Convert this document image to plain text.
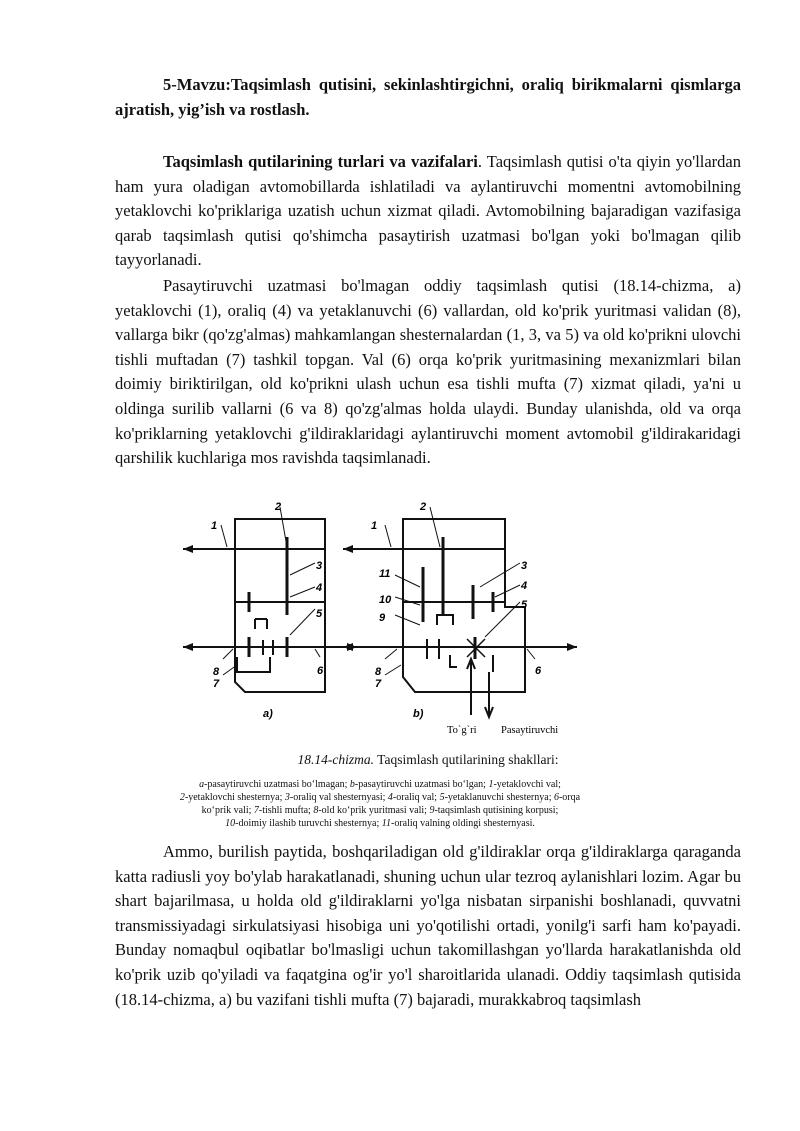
5-Mavzu:Taqsimlash qutisini, sekinlashtirgichni, oraliq birikmalarni qismlarga ajratish, yig’ish va rostlash.

Taqsimlash qutilarining turlari va vazifalari. Taqsimlash qutisi o'ta qiyin yo'llardan ham yura oladigan avtomobillarda ishlatiladi va aylantiruvchi momentni avtomobilning yetaklovchi ko'priklariga uzatish uchun xizmat qiladi. Avtomobilning bajaradigan vazifasiga qarab taqsimlash qutisi qo'shimcha pasaytirish uzatmasi bo'lgan yoki bo'lmagan qilib tayyorlanadi.

Pasaytiruvchi uzatmasi bo'lmagan oddiy taqsimlash qutisi (18.14-chizma, a) yetaklovchi (1), oraliq (4) va yetaklanuvchi (6) vallardan, old ko'prik yuritmasi validan (8), vallarga bikr (qo'zg'almas) mahkamlangan shesternalardan (1, 3, va 5) va old ko'prikni ulovchi tishli muftadan (7) tashkil topgan. Val (6) orqa ko'prik yuritmasining mexanizmlari bilan doimiy biriktirilgan, old ko'prikni ulash uchun esa tishli mufta (7) xizmat qiladi, ya'ni u oldinga surilib vallarni (6 va 8) qo'zg'almas holda ulaydi. Bunday ulanishda, old va orqa ko'priklarning yetaklovchi g'ildiraklaridagi aylantiruvchi moment avtomobil g'ildirakaridagi qarshilik kuchlariga mos ravishda taqsimlanadi.

1
2
3
4
5
6
7
8
1
2
11
10
9
3
4
5
6
7
8
a)	b)
To`g`ri Pasaytiruvchi
18.14-chizma. Taqsimlash qutilarining shakllari:
a-pasaytiruvchi uzatmasi bo‘lmagan; b-pasaytiruvchi uzatmasi bo‘lgan; 1-yetaklovchi val;
2-yetaklovchi shesternya; 3-oraliq val shesternyasi; 4-oraliq val; 5-yetaklanuvchi shesternya; 6-orqa
ko‘prik vali; 7-tishli mufta; 8-old ko‘prik yuritmasi vali; 9-taqsimlash qutisining korpusi;
10-doimiy ilashib turuvchi shesternya; 11-oraliq valning oldingi shesternyasi.

Ammo, burilish paytida, boshqariladigan old g'ildiraklar orqa g'ildiraklarga qaraganda katta radiusli yoy bo'ylab harakatlanadi, shuning uchun ular tezroq aylanishlari lozim. Agar bu shart bajarilmasa, u holda old g'ildiraklarni yo'lga nisbatan sirpanishi boshlanadi, quvvatni transmissiyadagi sirkulatsiyasi hisobiga uni yo'qotilishi ortadi, yonilg'i sarfi ham ko'payadi. Bunday nomaqbul oqibatlar bo'lmasligi uchun takomillashgan yo'llarda harakatlanishda old ko'prik uzib qo'yiladi va faqatgina og'ir yo'l sharoitlarida ulanadi. Oddiy taqsimlash qutisida (18.14-chizma, a) bu vazifani tishli mufta (7) bajaradi, murakkabroq taqsimlash
